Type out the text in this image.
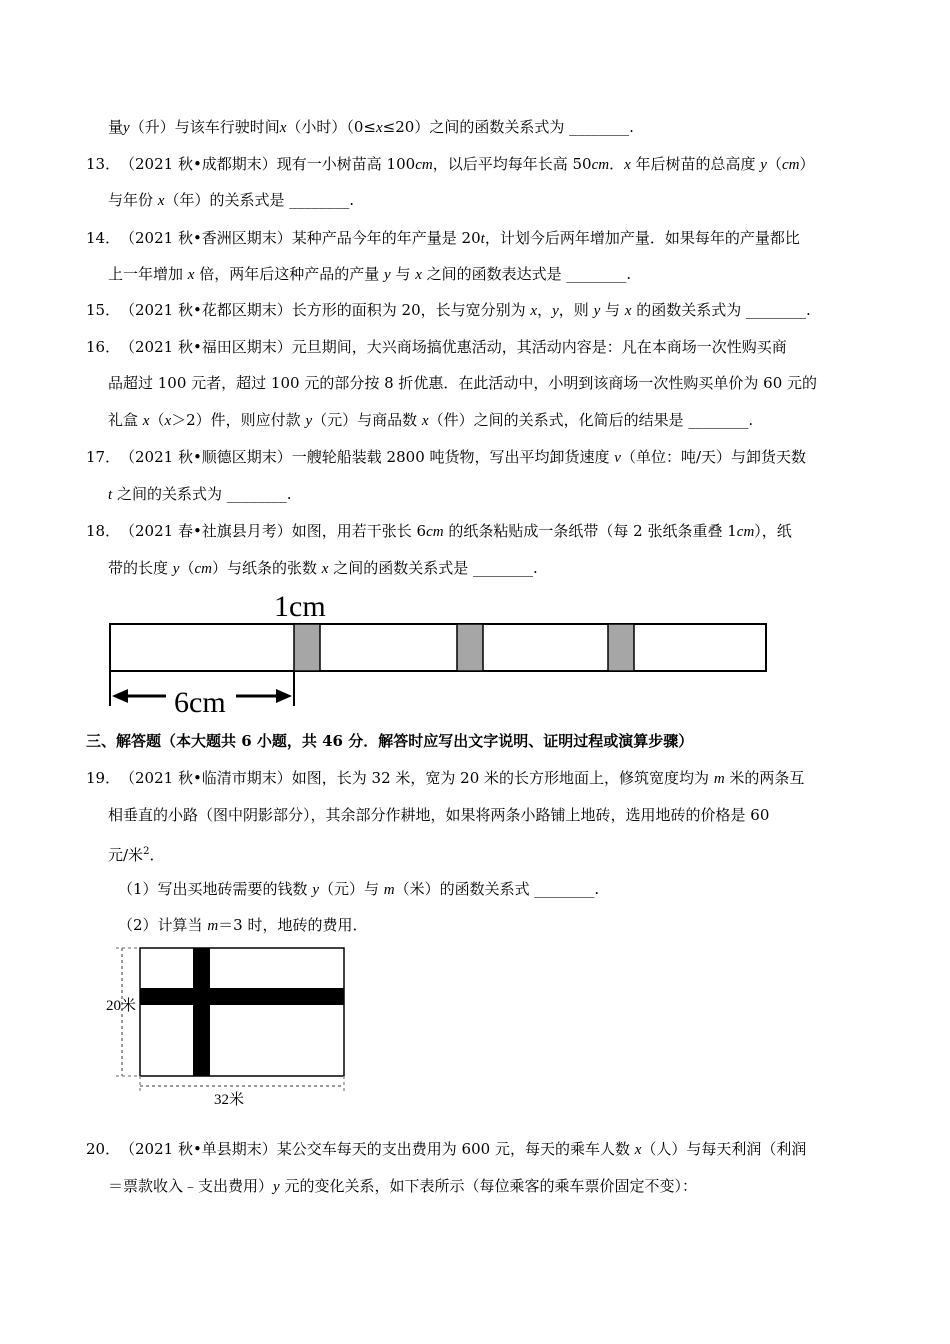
量y（升）与该车行驶时间x（小时）（0≤x≤20）之间的函数关系式为 ________.
13． （2021 秋•成都期末）现有一小树苗高 100cm，以后平均每年长高 50cm．x 年后树苗的总高度 y（cm）
与年份 x（年）的关系式是 ________.
14． （2021 秋•香洲区期末）某种产品今年的年产量是 20t，计划今后两年增加产量．如果每年的产量都比
上一年增加 x 倍，两年后这种产品的产量 y 与 x 之间的函数表达式是 ________.
15． （2021 秋•花都区期末）长方形的面积为 20，长与宽分别为 x，y，则 y 与 x 的函数关系式为 ________.
16． （2021 秋•福田区期末）元旦期间，大兴商场搞优惠活动，其活动内容是：凡在本商场一次性购买商
品超过 100 元者，超过 100 元的部分按 8 折优惠．在此活动中，小明到该商场一次性购买单价为 60 元的
礼盒 x（x＞2）件，则应付款 y（元）与商品数 x（件）之间的关系式，化简后的结果是 ________.
17． （2021 秋•顺德区期末）一艘轮船装载 2800 吨货物，写出平均卸货速度 v（单位：吨/天）与卸货天数
t 之间的关系式为 ________.
18． （2021 春•社旗县月考）如图，用若干张长 6cm 的纸条粘贴成一条纸带（每 2 张纸条重叠 1cm），纸
带的长度 y（cm）与纸条的张数 x 之间的函数关系式是 ________.
1cm
6cm
三、解答题（本大题共 6 小题，共 46 分．解答时应写出文字说明、证明过程或演算步骤）
19． （2021 秋•临清市期末）如图，长为 32 米，宽为 20 米的长方形地面上，修筑宽度均为 m 米的两条互
相垂直的小路（图中阴影部分），其余部分作耕地，如果将两条小路铺上地砖，选用地砖的价格是 60
元/米$^2$．
（1）写出买地砖需要的钱数 y（元）与 m（米）的函数关系式 ________.
（2）计算当 m＝3 时，地砖的费用．
20米
32米
20． （2021 秋•单县期末）某公交车每天的支出费用为 600 元，每天的乘车人数 x（人）与每天利润（利润
＝票款收入﹣支出费用）y 元的变化关系，如下表所示（每位乘客的乘车票价固定不变）：
